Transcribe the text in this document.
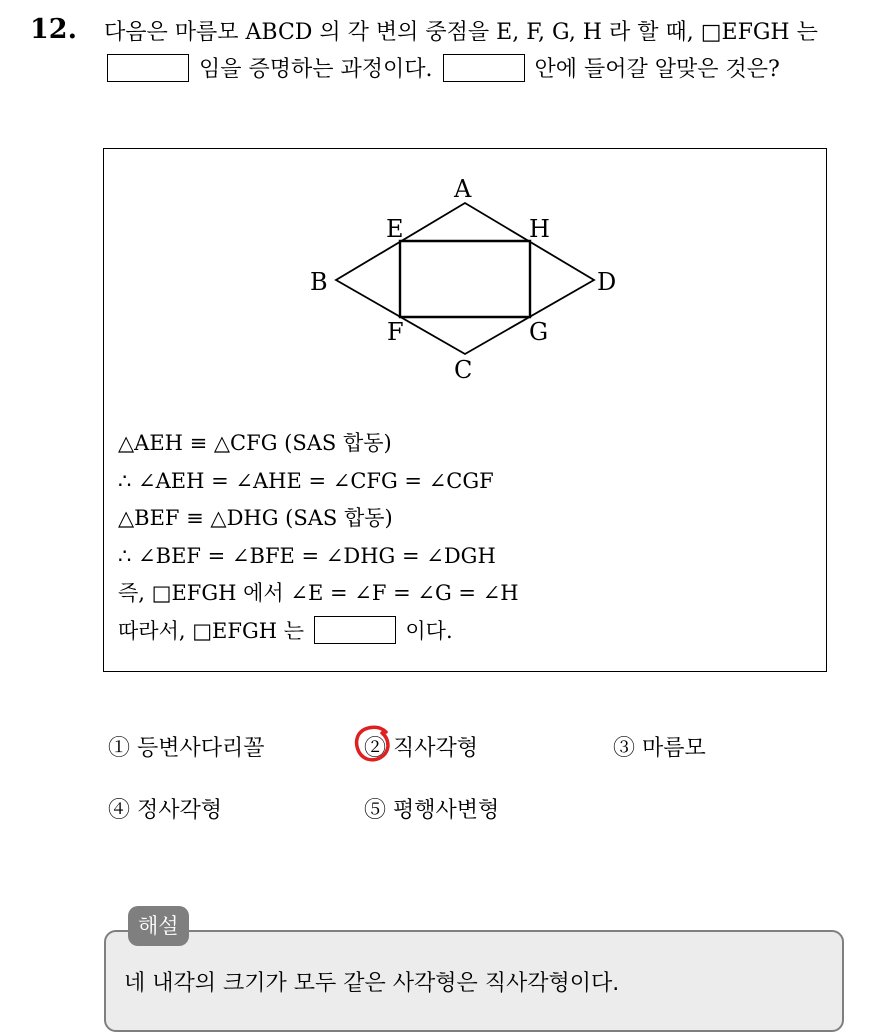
12. 다음은 마름모 ABCD 의 각 변의 중점을 E, F, G, H 라 할 때, □EFGH 는  임을 증명하는 과정이다.	안에 들어갈 알맞은 것은?
A
B
C
D
E
F	G
H
△AEH ≡ △CFG (SAS 합동)
∴ ∠AEH = ∠AHE = ∠CFG = ∠CGF
△BEF ≡ △DHG (SAS 합동)
∴ ∠BEF = ∠BFE = ∠DHG = ∠DGH
즉, □EFGH 에서 ∠E = ∠F = ∠G = ∠H
따라서, □EFGH 는	이다.
① 등변사다리꼴	② 직사각형	③ 마름모
④ 정사각형	⑤ 평행사변형
네 내각의 크기가 모두 같은 사각형은 직사각형이다.
해설
